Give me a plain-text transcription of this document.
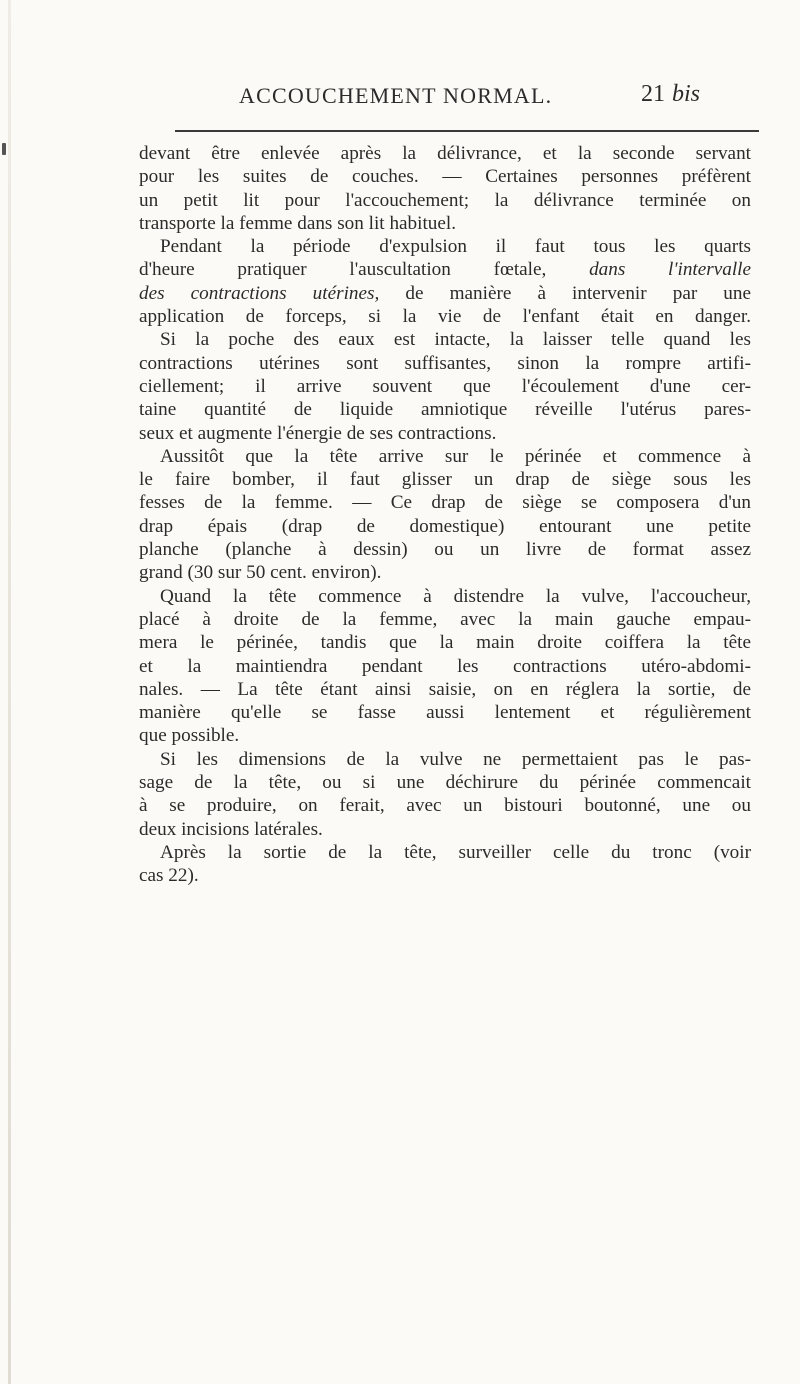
ACCOUCHEMENT NORMAL.	21 bis
devant être enlevée après la délivrance, et la seconde servant
pour les suites de couches. — Certaines personnes préfèrent
un petit lit pour l'accouchement; la délivrance terminée on
transporte la femme dans son lit habituel.
Pendant la période d'expulsion il faut tous les quarts
d'heure pratiquer l'auscultation fœtale, dans l'intervalle
des contractions utérines, de manière à intervenir par une
application de forceps, si la vie de l'enfant était en danger.
Si la poche des eaux est intacte, la laisser telle quand les
contractions utérines sont suffisantes, sinon la rompre artifi-
ciellement; il arrive souvent que l'écoulement d'une cer-
taine quantité de liquide amniotique réveille l'utérus pares-
seux et augmente l'énergie de ses contractions.
Aussitôt que la tête arrive sur le périnée et commence à
le faire bomber, il faut glisser un drap de siège sous les
fesses de la femme. — Ce drap de siège se composera d'un
drap épais (drap de domestique) entourant une petite
planche (planche à dessin) ou un livre de format assez
grand (30 sur 50 cent. environ).
Quand la tête commence à distendre la vulve, l'accoucheur,
placé à droite de la femme, avec la main gauche empau-
mera le périnée, tandis que la main droite coiffera la tête
et la maintiendra pendant les contractions utéro-abdomi-
nales. — La tête étant ainsi saisie, on en réglera la sortie, de
manière qu'elle se fasse aussi lentement et régulièrement
que possible.
Si les dimensions de la vulve ne permettaient pas le pas-
sage de la tête, ou si une déchirure du périnée commencait
à se produire, on ferait, avec un bistouri boutonné, une ou
deux incisions latérales.
Après la sortie de la tête, surveiller celle du tronc (voir
cas 22).
